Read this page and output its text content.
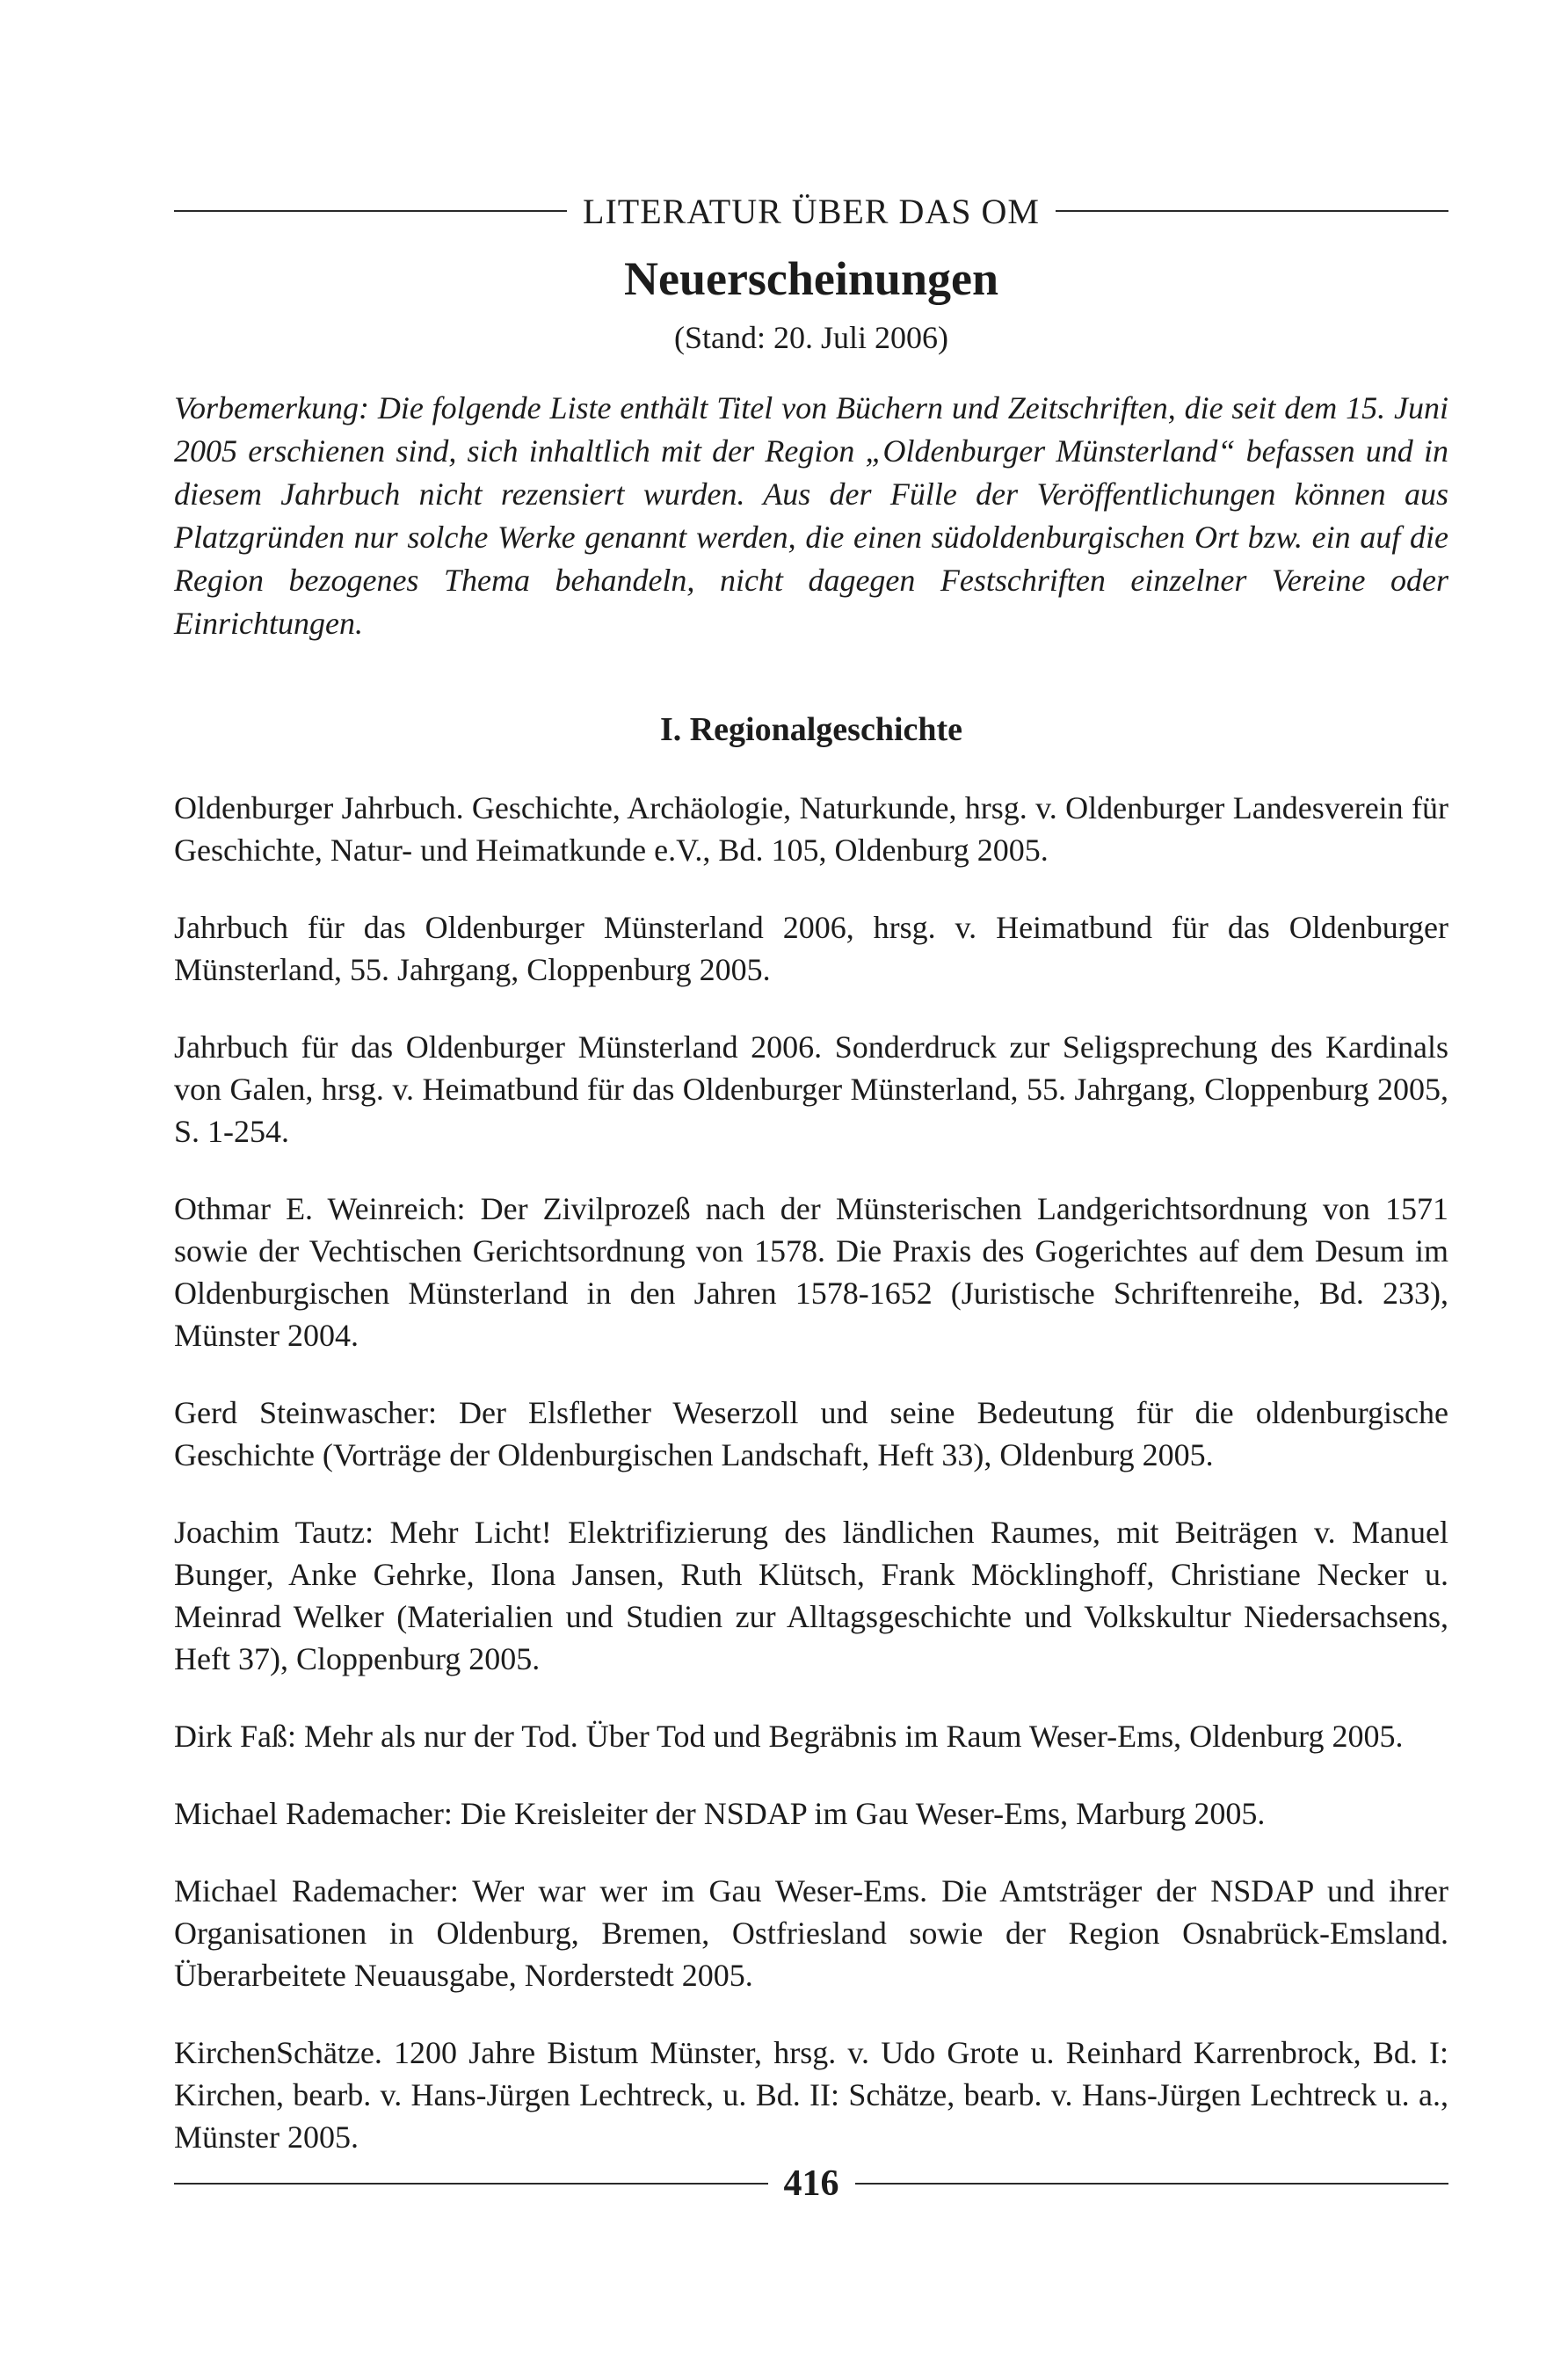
LITERATUR ÜBER DAS OM
Neuerscheinungen
(Stand: 20. Juli 2006)

Vorbemerkung: Die folgende Liste enthält Titel von Büchern und Zeitschriften, die seit dem 15. Juni 2005 erschienen sind, sich inhaltlich mit der Region „Oldenburger Münsterland“ befassen und in diesem Jahrbuch nicht rezensiert wurden. Aus der Fülle der Veröffentlichungen können aus Platzgründen nur solche Werke genannt werden, die einen südoldenburgischen Ort bzw. ein auf die Region bezogenes Thema behandeln, nicht dagegen Festschriften einzelner Vereine oder Einrichtungen.

I. Regionalgeschichte
Oldenburger Jahrbuch. Geschichte, Archäologie, Naturkunde, hrsg. v. Oldenburger Landesverein für Geschichte, Natur- und Heimatkunde e.V., Bd. 105, Oldenburg 2005.
Jahrbuch für das Oldenburger Münsterland 2006, hrsg. v. Heimatbund für das Oldenburger Münsterland, 55. Jahrgang, Cloppenburg 2005.
Jahrbuch für das Oldenburger Münsterland 2006. Sonderdruck zur Seligsprechung des Kardinals von Galen, hrsg. v. Heimatbund für das Oldenburger Münsterland, 55. Jahrgang, Cloppenburg 2005, S. 1-254.
Othmar E. Weinreich: Der Zivilprozeß nach der Münsterischen Landgerichtsordnung von 1571 sowie der Vechtischen Gerichtsordnung von 1578. Die Praxis des Gogerichtes auf dem Desum im Oldenburgischen Münsterland in den Jahren 1578-1652 (Juristische Schriftenreihe, Bd. 233), Münster 2004.
Gerd Steinwascher: Der Elsflether Weserzoll und seine Bedeutung für die oldenburgische Geschichte (Vorträge der Oldenburgischen Landschaft, Heft 33), Oldenburg 2005.
Joachim Tautz: Mehr Licht! Elektrifizierung des ländlichen Raumes, mit Beiträgen v. Manuel Bunger, Anke Gehrke, Ilona Jansen, Ruth Klütsch, Frank Möcklinghoff, Christiane Necker u. Meinrad Welker (Materialien und Studien zur Alltagsgeschichte und Volkskultur Niedersachsens, Heft 37), Cloppenburg 2005.
Dirk Faß: Mehr als nur der Tod. Über Tod und Begräbnis im Raum Weser-Ems, Oldenburg 2005.
Michael Rademacher: Die Kreisleiter der NSDAP im Gau Weser-Ems, Marburg 2005.
Michael Rademacher: Wer war wer im Gau Weser-Ems. Die Amtsträger der NSDAP und ihrer Organisationen in Oldenburg, Bremen, Ostfriesland sowie der Region Osnabrück-Emsland. Überarbeitete Neuausgabe, Norderstedt 2005.
KirchenSchätze. 1200 Jahre Bistum Münster, hrsg. v. Udo Grote u. Reinhard Karrenbrock, Bd. I: Kirchen, bearb. v. Hans-Jürgen Lechtreck, u. Bd. II: Schätze, bearb. v. Hans-Jürgen Lechtreck u. a., Münster 2005.
416
